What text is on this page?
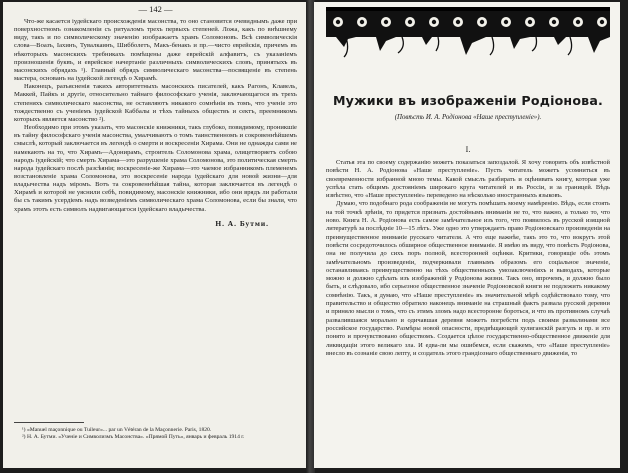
— 142 —

Что-же касается іудейскаго происхожденія масонства, то оно становится очевиднымъ даже при поверхностномъ ознакомленіи съ ритуаломъ трехъ первыхъ степеней. Ложа, какъ по внѣшнему виду, такъ и по символическому значенію изображаетъ храмъ Соломоновъ. Всѣ символическія слова—Воазъ, Іахинъ, Тувалкаинъ, Шибболетъ, Макъ-бенакъ и пр.—чисто еврейскія, причемъ въ нѣкоторыхъ масонскихъ требникахъ помѣщены даже еврейскій алфавитъ, съ указаніемъ произношенія буквъ, и еврейское начертаніе различныхъ символическихъ словъ, принятыхъ въ масонскихъ обрядахъ ¹). Главный обрядъ символическаго масонства—посвященіе въ степень мастера, основанъ на іудейской легендѣ о Хирамѣ.

Наконецъ, разъясненія такихъ авторитетныхъ масонскихъ писателей, какъ Рагонъ, Клавель, Маккей, Пайкъ и другіе, относительно тайнаго философскаго ученія, заключающагося въ трехъ степеняхъ символическаго масонства, не оставляютъ никакого сомнѣнія въ томъ, что ученіе это тождественно съ ученіемъ іудейской Каббалы и тѣхъ тайныхъ обществъ и сектъ, преемникомъ которыхъ является масонство ²).

Необходимо при этомъ указать, что масонскіе книжники, такъ глубоко, повидимому, проникшіе въ тайну философскаго ученія масонства, умалчиваютъ о томъ таинственномъ и сокровеннѣйшемъ смыслѣ, который заключается въ легендѣ о смерти и воскресеніи Хирама. Они не однажды сами не намекаютъ на то, что Хирамъ—Адонирамъ, строитель Соломонова храма, олицетворяетъ собою народъ іудейскій; что смерть Хирама—это разрушеніе храма Соломонова, это политическая смерть народа іудейскаго послѣ разсѣянія; воскресеніе-же Хирама—это чаемое избранникомъ племенемъ возстановленіе храма Соломонова, это воскресеніе народа іудейскаго для новой жизни—для владычества надъ міромъ. Вотъ та сокровеннѣйшая тайна, которая заключается въ легендѣ о Хирамѣ и которой не уяснили себѣ, повидимому, масонскіе книжники, ибо они врядъ ли работали бы съ такимъ усердіемъ надъ возведеніемъ символическаго храма Соломонова, если бы знали, что храмъ этотъ есть символъ надвигающагося іудейскаго владычества.

Н. А. Бутми.

¹) «Manuel maçonnique ou Tuileur»... par un Vétéran de la Maçonnerie. Paris, 1820.

²) Н. А. Бутми. «Ученіе и Символизмъ Масонства». «Прямой Путь», январь и февраль 1914 г.

Мужики въ изображеніи Родіонова.
(Повѣсть И. А. Родіонова «Наше преступленіе»).
I.

Статья эта по своему содержанію можетъ показаться запоздалой. Я хочу говорить объ извѣстной повѣсти Н. А. Родіонова «Наше преступленіе». Пусть читатель можетъ усомниться въ своевременности избранной мною темы. Какой смыслъ разбирать и оцѣнивать книгу, которая уже успѣла стать общимъ достояніемъ широкаго круга читателей и въ Россіи, и за границей. Вѣдь извѣстно, что «Наше преступленіе» переведено на нѣсколько иностранныхъ языковъ.

Думаю, что подобнаго рода соображенія не могутъ помѣшать моему намѣренію. Вѣдь, если стоять на той точкѣ зрѣнія, то придется признать достойнымъ вниманія не то, что важно, а только то, что ново. Книга Н. А. Родіонова есть самое замѣчательное изъ того, что появилось въ русской изящной литературѣ за послѣдніе 10—15 лѣтъ. Уже одно это утверждаетъ право Родіоновскаго произведенія на преимущественное вниманіе русскаго читателя. А что еще важнѣе, такъ это то, что вокругъ этой повѣсти сосредоточилось обширное общественное вниманіе. Я имѣю въ виду, что повѣсть Родіонова, она не получила до сихъ поръ полной, всесторонней оцѣнки. Критики, говорящіе объ этомъ замѣчательномъ произведеніи, подчеркивали главнымъ образомъ его соціальное значеніе, останавливаясь преимущественно на тѣхъ общественныхъ умозаключеніяхъ и выводахъ, которые можно и должно сдѣлать изъ изображеній у Родіонова жизни. Такъ оно, впрочемъ, и должно было быть, и слѣдовало, ибо серьезное общественное значеніе Родіоновской книги не подлежитъ никакому сомнѣнію. Такъ, я думаю, что «Наше преступленіе» въ значительной мѣрѣ содѣйствовало тому, что правительство и общество обратило наконецъ вниманіе на страшный фактъ развала русской деревни и приняло мысли о томъ, что съ этимъ зломъ надо всесторонне бороться, и что въ противномъ случаѣ развалившаяся морально и одичавшая деревня можетъ погребсти подъ своими развалинами все российское государство. Размѣры новой опасности, предвѣщающей хулиганскій разгулъ и пр. и это понято и прочувствовано обществомъ. Создается цѣлое государственно-общественное движеніе для ликвидаціи этого великаго зла. И едва-ли мы ошибемся, если скажемъ, что «Наше преступленіе» внесло въ сознаніе свою лепту, и создатель этого грандіознаго общественнаго движенія, то
